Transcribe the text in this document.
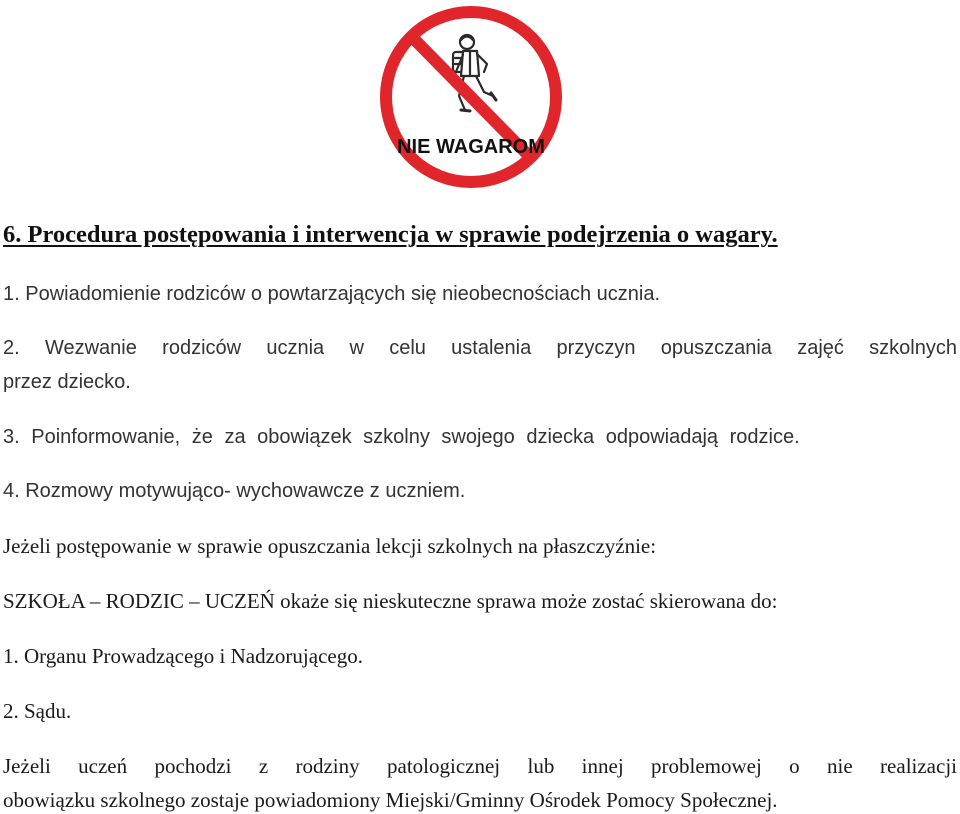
NIE WAGAROM

6. Procedura postępowania i interwencja w sprawie podejrzenia o wagary.

1. Powiadomienie rodziców o powtarzających się nieobecnościach ucznia.

2. Wezwanie rodziców ucznia w celu ustalenia przyczyn opuszczania zajęć szkolnych

przez dziecko.

3. Poinformowanie, że za obowiązek szkolny swojego dziecka odpowiadają rodzice.

4. Rozmowy motywująco- wychowawcze z uczniem.

Jeżeli postępowanie w sprawie opuszczania lekcji szkolnych na płaszczyźnie:

SZKOŁA – RODZIC – UCZEŃ okaże się nieskuteczne sprawa może zostać skierowana do:

1. Organu Prowadzącego i Nadzorującego.

2. Sądu.

Jeżeli uczeń pochodzi z rodziny patologicznej lub innej problemowej o nie realizacji

obowiązku szkolnego zostaje powiadomiony Miejski/Gminny Ośrodek Pomocy Społecznej.
